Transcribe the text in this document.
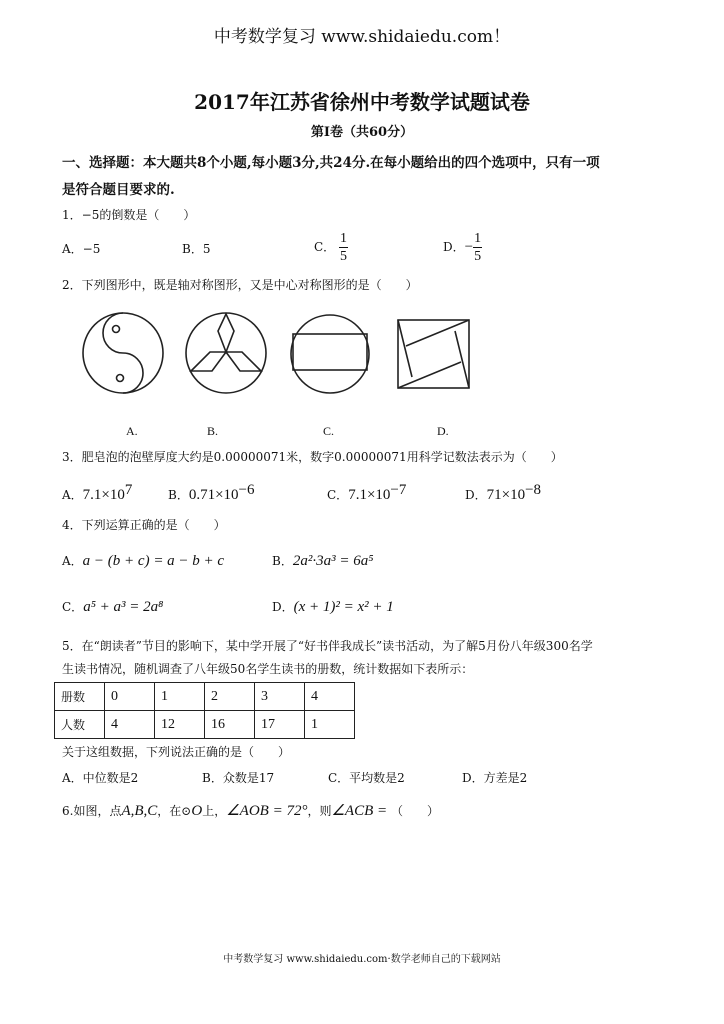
中考数学复习 www.shidaiedu.com！
2017年江苏省徐州中考数学试题试卷
第Ⅰ卷（共60分）
一、选择题：本大题共8个小题,每小题3分,共24分.在每小题给出的四个选项中，只有一项
是符合题目要求的.
1．−5的倒数是（　　）
A．−5	B．5	C． $\frac{1}{5}$	D．− $\frac{1}{5}$
2．下列图形中，既是轴对称图形，又是中心对称图形的是（　　）
A.	B.	C.	D.
3．肥皂泡的泡壁厚度大约是0.00000071米，数字0.00000071用科学记数法表示为（　　）
A．$7.1\times 10^7$	B．$0.71\times 10^{-6}$	C．$7.1\times 10^{-7}$	D．$71\times 10^{-8}$
4．下列运算正确的是（　　）
A．a − (b + c) = a − b + c	B．2a²·3a³ = 6a⁵
C．a⁵ + a³ = 2a⁸	D．(x + 1)² = x² + 1
5．在“朗读者”节目的影响下，某中学开展了“好书伴我成长”读书活动，为了解5月份八年级300名学
生读书情况，随机调查了八年级50名学生读书的册数，统计数据如下表所示：
册数	0	1	2	3	4
人数	4	12	16	17	1
关于这组数据，下列说法正确的是（　　）
A．中位数是2	B．众数是17	C．平均数是2	D．方差是2
6.如图，点A,B,C，在⊙O上，∠AOB = 72°，则∠ACB = （　　）
中考数学复习 www.shidaiedu.com·数学老师自己的下载网站
